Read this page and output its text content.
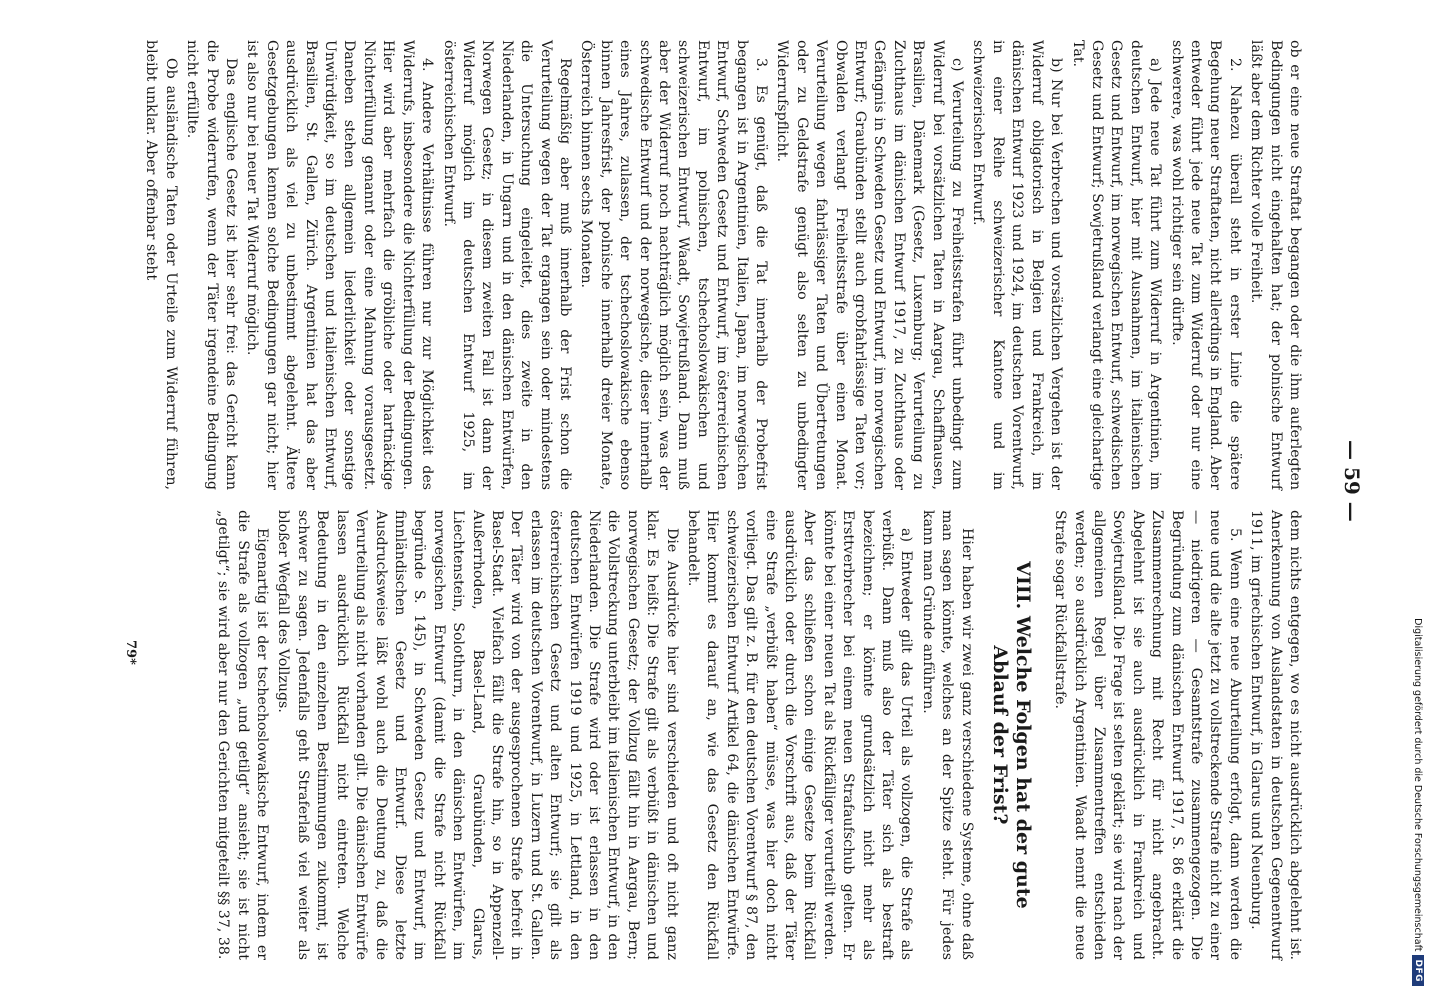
Digitalisierung gefördert durch die Deutsche Forschungsgemeinschaft
DFG
— 59 —

ob er eine neue Straftat begangen oder die ihm auferlegten Bedingungen nicht eingehalten hat; der polnische Entwurf läßt aber dem Richter volle Freiheit.

2. Nahezu überall steht in erster Linie die spätere Begehung neuer Straftaten, nicht allerdings in England. Aber entweder führt jede neue Tat zum Widerruf oder nur eine schwerere, was wohl richtiger sein dürfte.

a) Jede neue Tat führt zum Widerruf in Argentinien, im deutschen Entwurf, hier mit Ausnahmen, im italienischen Gesetz und Entwurf, im norwegischen Entwurf, schwedischen Gesetz und Entwurf; Sowjetrußland verlangt eine gleichartige Tat.

b) Nur bei Verbrechen und vorsätzlichen Vergehen ist der Widerruf obligatorisch in Belgien und Frankreich, im dänischen Entwurf 1923 und 1924, im deutschen Vorentwurf, in einer Reihe schweizerischer Kantone und im schweizerischen Entwurf.

c) Verurteilung zu Freiheitsstrafen führt unbedingt zum Widerruf bei vorsätzlichen Taten in Aargau, Schaffhausen, Brasilien, Dänemark (Gesetz, Luxemburg; Verurteilung zu Zuchthaus im dänischen Entwurf 1917, zu Zuchthaus oder Gefängnis in Schweden Gesetz und Entwurf, im norwegischen Entwurf; Graubünden stellt auch grobfahrlässige Taten vor; Obwalden verlangt Freiheitsstrafe über einen Monat. Verurteilung wegen fahrlässiger Taten und Übertretungen oder zu Geldstrafe genügt also selten zu unbedingter Widerrufspflicht.

3. Es genügt, daß die Tat innerhalb der Probefrist begangen ist in Argentinien, Italien, Japan, im norwegischen Entwurf, Schweden Gesetz und Entwurf, im österreichischen Entwurf, im polnischen, tschechoslowakischen und schweizerischen Entwurf, Waadt, Sowjetrußland. Dann muß aber der Widerruf noch nachträglich möglich sein, was der schwedische Entwurf und der norwegische, dieser innerhalb eines Jahres, zulassen, der tschechoslowakische ebenso binnen Jahresfrist, der polnische innerhalb dreier Monate, Österreich binnen sechs Monaten.

Regelmäßig aber muß innerhalb der Frist schon die Verurteilung wegen der Tat ergangen sein oder mindestens die Untersuchung eingeleitet, dies zweite in den Niederlanden, in Ungarn und in den dänischen Entwürfen, Norwegen Gesetz; in diesem zweiten Fall ist dann der Widerruf möglich im deutschen Entwurf 1925, im österreichischen Entwurf.

4. Andere Verhältnisse führen nur zur Möglichkeit des Widerrufs, insbesondere die Nichterfüllung der Bedingungen. Hier wird aber mehrfach die gröbliche oder hartnäckige Nichterfüllung genannt oder eine Mahnung vorausgesetzt. Daneben stehen allgemein liederlichkeit oder sonstige Unwürdigkeit, so im deutschen und italienischen Entwurf, Brasilien, St. Gallen, Zürich. Argentinien hat das aber ausdrücklich als viel zu unbestimmt abgelehnt. Ältere Gesetzgebungen kennen solche Bedingungen gar nicht; hier ist also nur bei neuer Tat Widerruf möglich.

Das englische Gesetz ist hier sehr frei: das Gericht kann die Probe widerrufen, wenn der Täter irgendeine Bedingung nicht erfüllte.

Ob ausländische Taten oder Urteile zum Widerruf führen, bleibt unklar. Aber offenbar steht

dem nichts entgegen, wo es nicht ausdrücklich abgelehnt ist. Anerkennung von Auslandstaten in deutschen Gegenentwurf 1911, im griechischen Entwurf, in Glarus und Neuenburg.

5. Wenn eine neue Aburteilung erfolgt, dann werden die neue und die alte jetzt zu vollstreckende Strafe nicht zu einer — niedrigeren — Gesamtstrafe zusammengezogen. Die Begründung zum dänischen Entwurf 1917, S. 86 erklärt die Zusammenrechnung mit Recht für nicht angebracht. Abgelehnt ist sie auch ausdrücklich in Frankreich und Sowjetrußland. Die Frage ist selten geklärt; sie wird nach der allgemeinen Regel über Zusammentreffen entschieden werden; so ausdrücklich Argentinien. Waadt nennt die neue Strafe sogar Rückfallstrafe.

VIII. Welche Folgen hat der gute Ablauf der Frist?

Hier haben wir zwei ganz verschiedene Systeme, ohne daß man sagen könnte, welches an der Spitze steht. Für jedes kann man Gründe anführen.

a) Entweder gilt das Urteil als vollzogen, die Strafe als verbüßt. Dann muß also der Täter sich als bestraft bezeichnen; er könnte grundsätzlich nicht mehr als Ersttverbrecher bei einem neuen Strafaufschub gelten. Er könnte bei einer neuen Tat als Rückfälliger verurteilt werden. Aber das schließen schon einige Gesetze beim Rückfall ausdrücklich oder durch die Vorschrift aus, daß der Täter eine Strafe „verbüßt haben“ müsse, was hier doch nicht vorliegt. Das gilt z. B. für den deutschen Vorentwurf § 87, den schweizerischen Entwurf Artikel 64, die dänischen Entwürfe. Hier kommt es darauf an, wie das Gesetz den Rückfall behandelt.

Die Ausdrücke hier sind verschieden und oft nicht ganz klar. Es heißt: Die Strafe gilt als verbüßt in dänischen und norwegischen Gesetz; der Vollzug fällt hin in Aargau, Bern; die Vollstreckung unterbleibt im italienischen Entwurf, in den Niederlanden. Die Strafe wird oder ist erlassen in den deutschen Entwürfen 1919 und 1925, in Lettland, in den österreichischen Gesetz und alten Entwurf; sie gilt als erlassen im deutschen Vorentwurf, in Luzern und St. Gallen. Der Täter wird von der ausgesprochenen Strafe befreit in Basel-Stadt. Vielfach fällt die Strafe hin, so in Appenzell-Außerrhoden, Basel-Land, Graubünden, Glarus, Liechtenstein, Solothurn, in den dänischen Entwürfen, im norwegischen Entwurf (damit die Strafe nicht Rückfall begründe S. 145), in Schweden Gesetz und Entwurf, im finnländischen Gesetz und Entwurf. Diese letzte Ausdrucksweise läßt wohl auch die Deutung zu, daß die Verurteilung als nicht vorhanden gilt. Die dänischen Entwürfe lassen ausdrücklich Rückfall nicht eintreten. Welche Bedeutung in den einzelnen Bestimmungen zukommt, ist schwer zu sagen. Jedenfalls geht Straferlaß viel weiter als bloßer Wegfall des Vollzugs.

Eigenartig ist der tschechoslowakische Entwurf, indem er die Strafe als vollzogen „und getilgt“ ansieht; sie ist nicht „getilgt“; sie wird aber nur den Gerichten mitgeteilt §§ 37, 38.

79*
